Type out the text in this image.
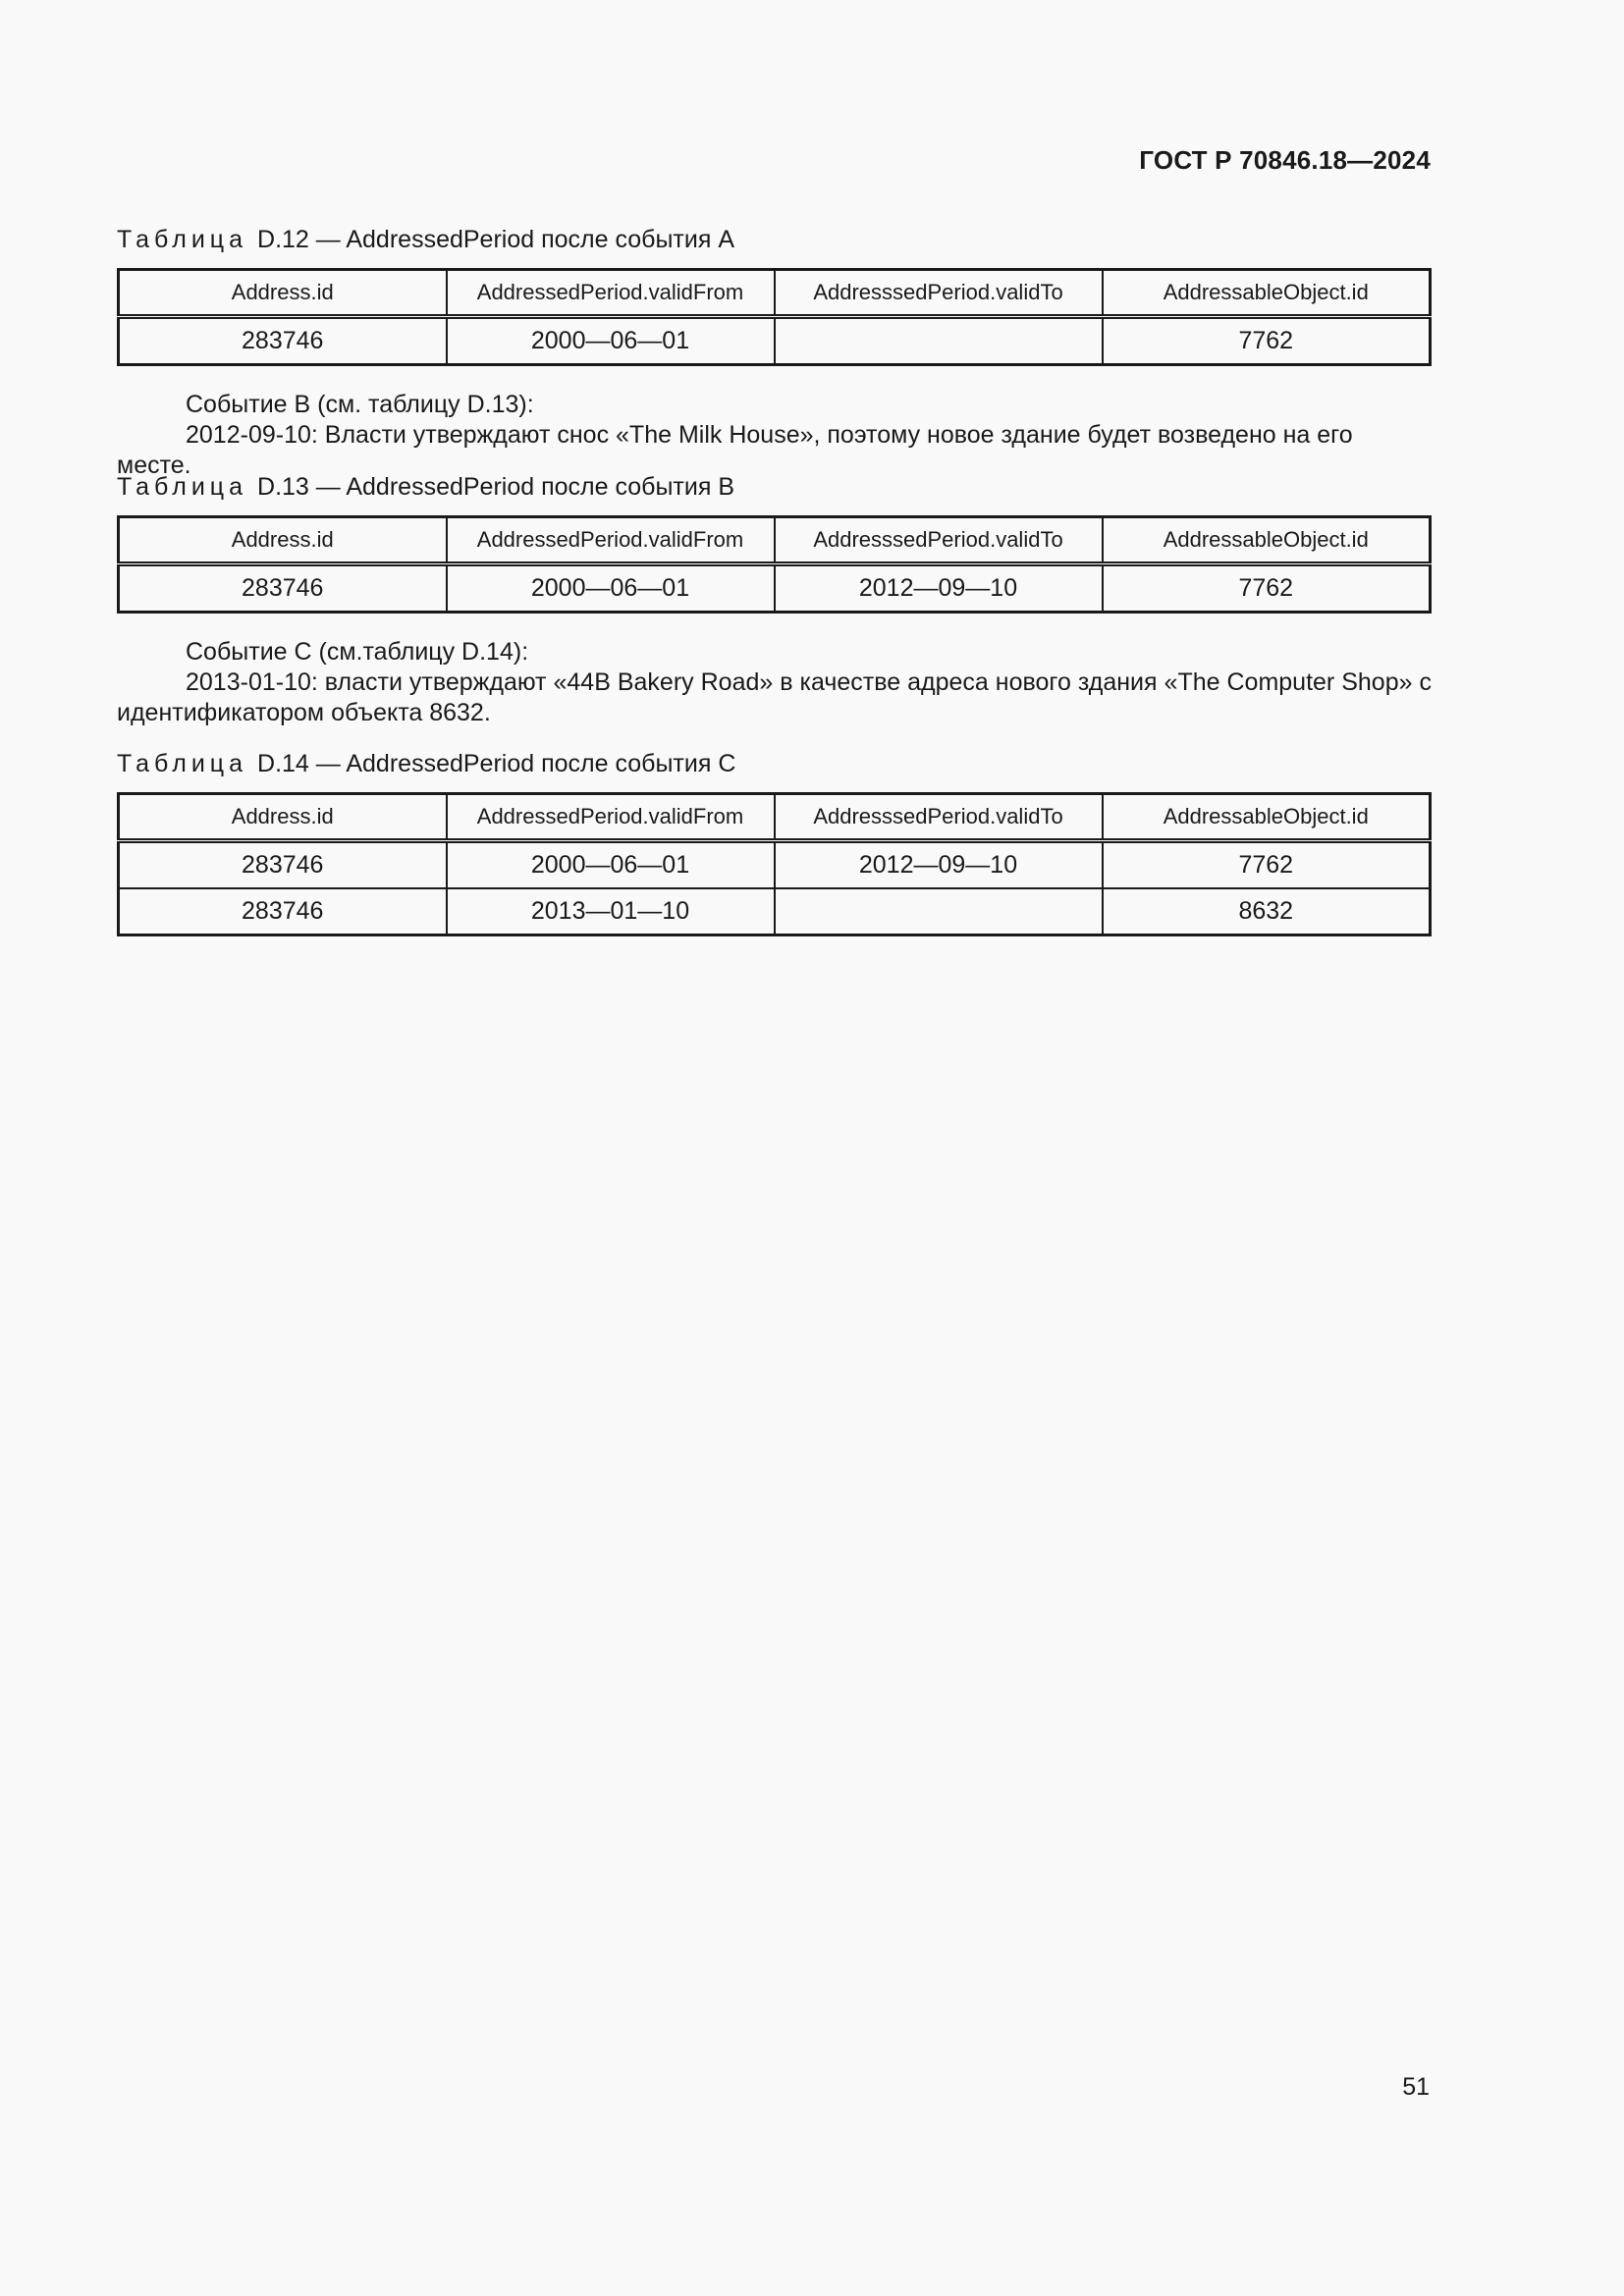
ГОСТ Р 70846.18—2024
Таблица D.12 — AddressedPeriod после события А
Address.id	AddressedPeriod.validFrom	AddresssedPeriod.validTo	AddressableObject.id
283746	2000—06—01		7762

Событие В (см. таблицу D.13):

2012-09-10: Власти утверждают снос «The Milk House», поэтому новое здание будет возведено на его месте.

Таблица D.13 — AddressedPeriod после события В
Address.id	AddressedPeriod.validFrom	AddresssedPeriod.validTo	AddressableObject.id
283746	2000—06—01	2012—09—10	7762

Событие С (см.таблицу D.14):

2013-01-10: власти утверждают «44B Bakery Road» в качестве адреса нового здания «The Computer Shop» с идентификатором объекта 8632.

Таблица D.14 — AddressedPeriod после события С
Address.id	AddressedPeriod.validFrom	AddresssedPeriod.validTo	AddressableObject.id
283746	2000—06—01	2012—09—10	7762
283746	2013—01—10		8632
51
